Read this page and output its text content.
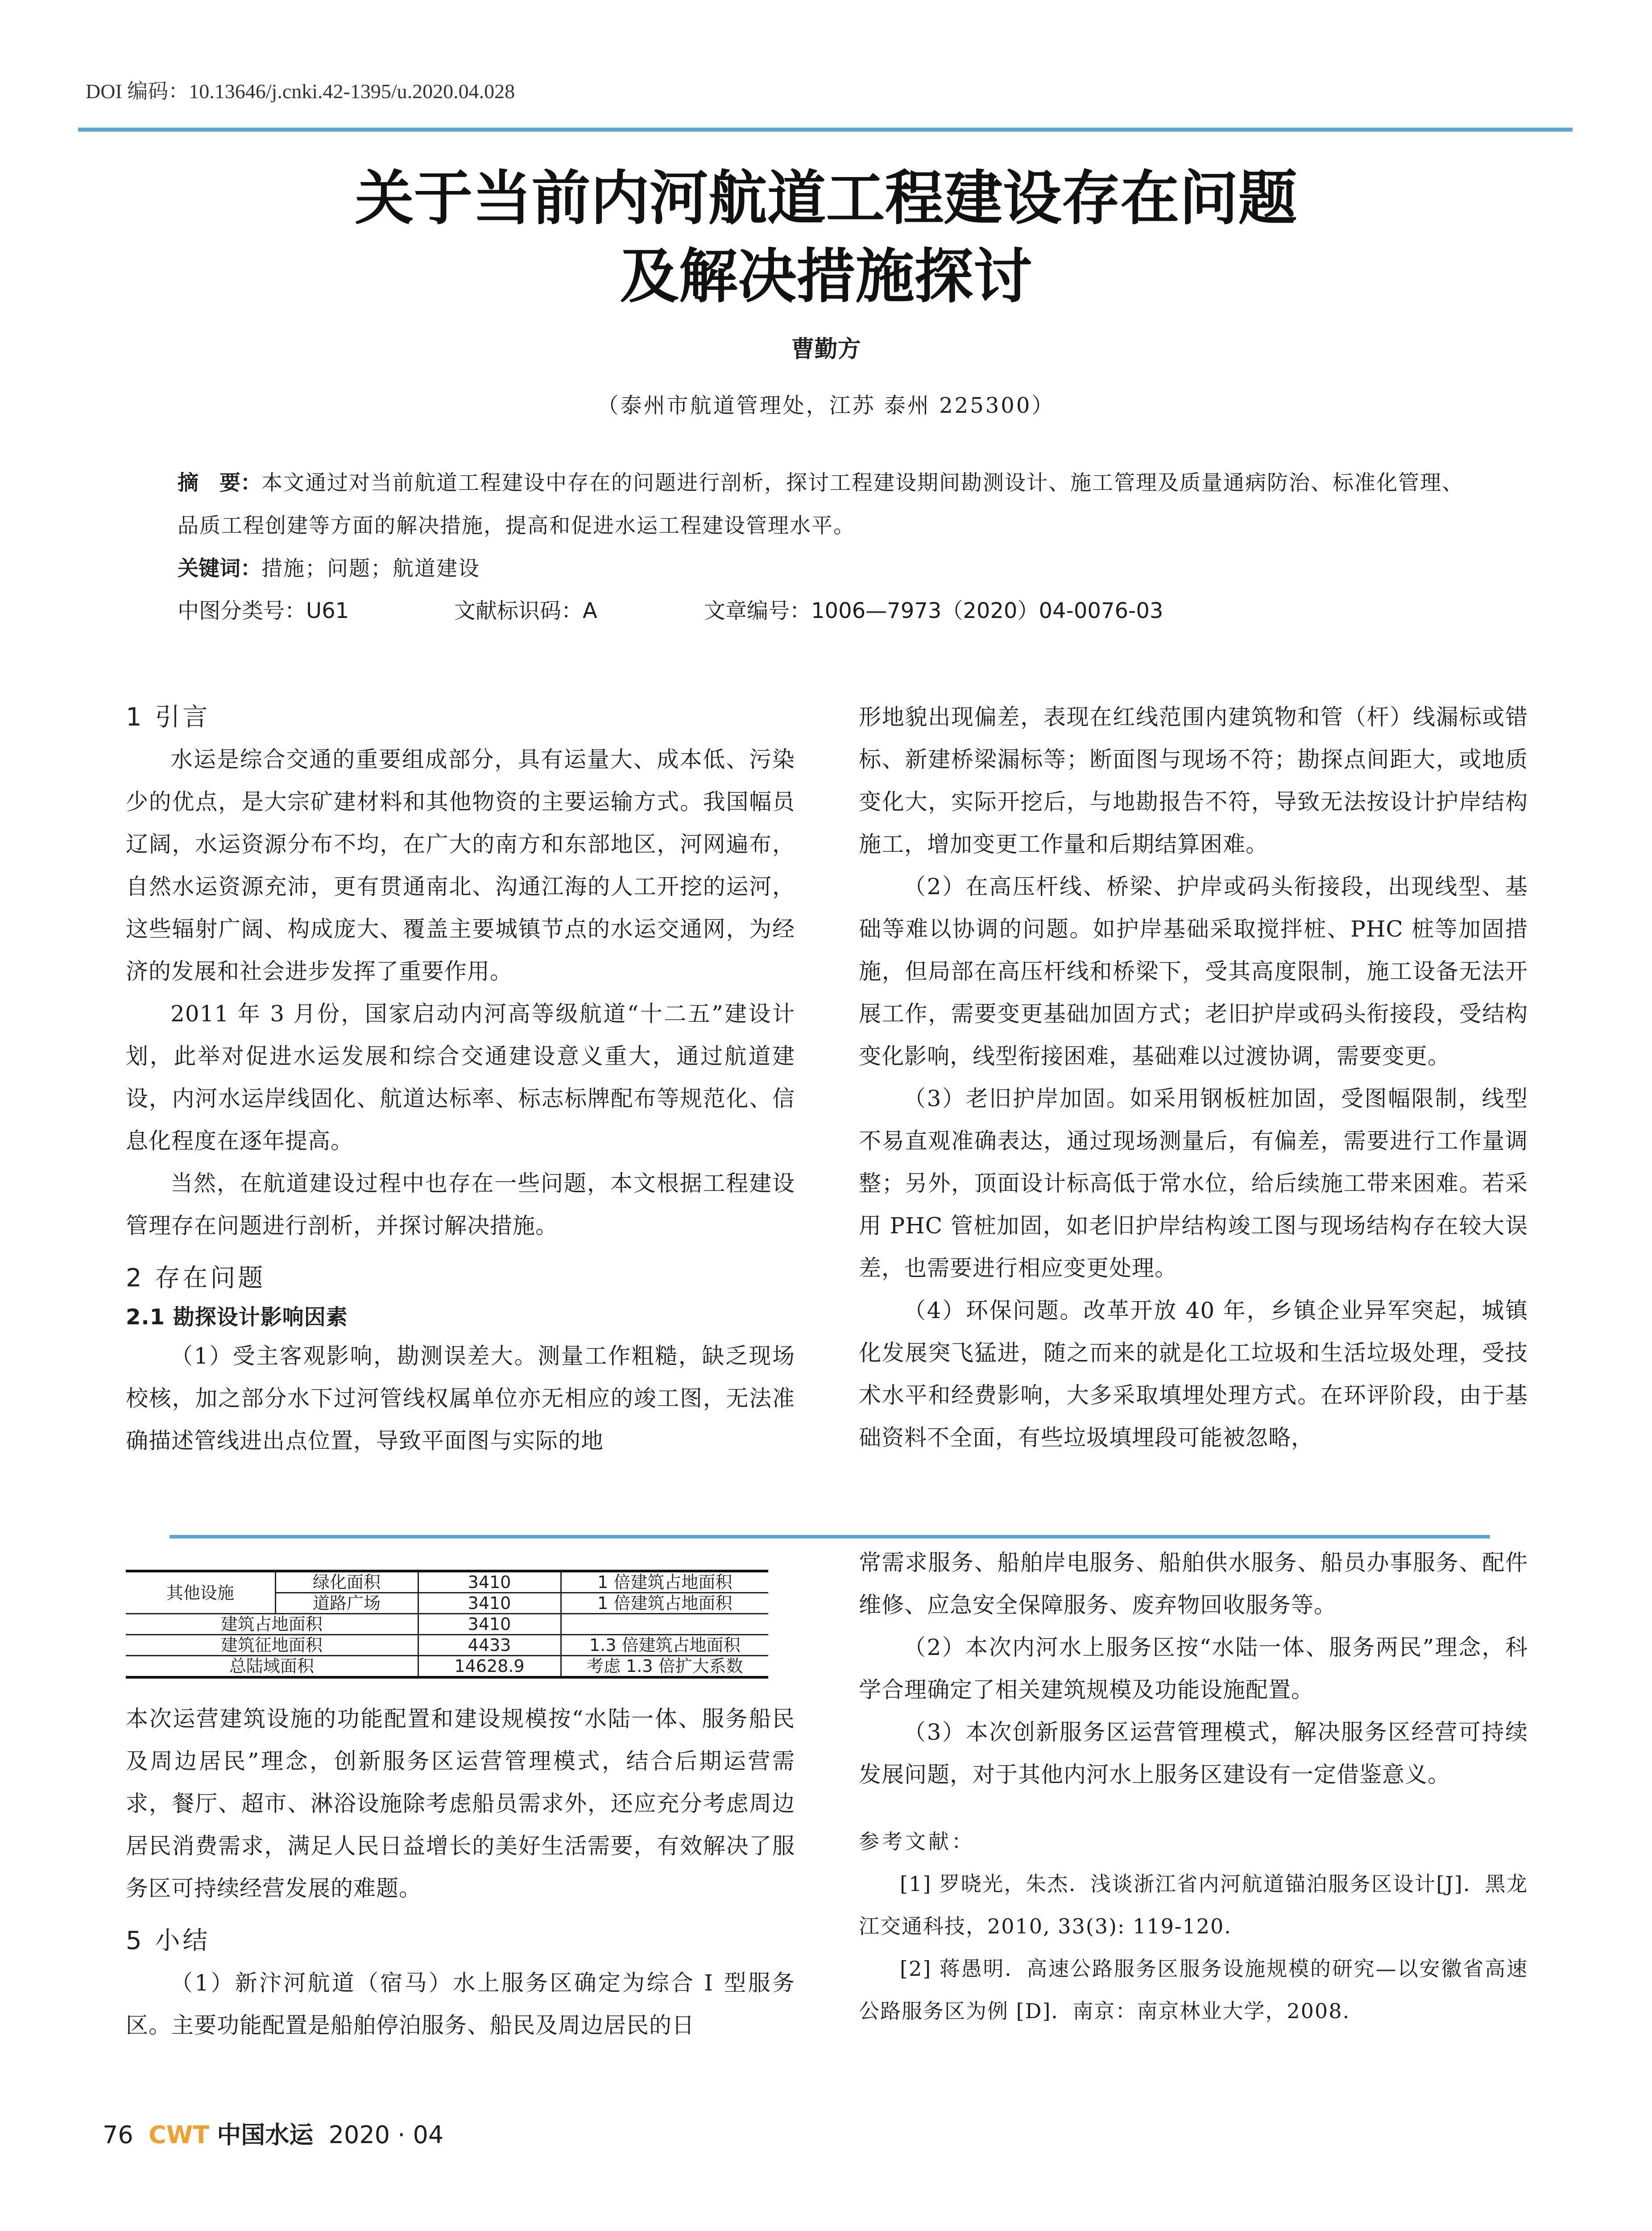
DOI 编码：10.13646/j.cnki.42-1395/u.2020.04.028
关于当前内河航道工程建设存在问题
及解决措施探讨
曹勤方
（泰州市航道管理处，江苏 泰州 225300）
摘　要：本文通过对当前航道工程建设中存在的问题进行剖析，探讨工程建设期间勘测设计、施工管理及质量通病防治、标准化管理、品质工程创建等方面的解决措施，提高和促进水运工程建设管理水平。
关键词：措施；问题；航道建设
中图分类号：U61	文献标识码：A	文章编号：1006—7973（2020）04-0076-03

1 引言

水运是综合交通的重要组成部分，具有运量大、成本低、污染少的优点，是大宗矿建材料和其他物资的主要运输方式。我国幅员辽阔，水运资源分布不均，在广大的南方和东部地区，河网遍布，自然水运资源充沛，更有贯通南北、沟通江海的人工开挖的运河，这些辐射广阔、构成庞大、覆盖主要城镇节点的水运交通网，为经济的发展和社会进步发挥了重要作用。

2011 年 3 月份，国家启动内河高等级航道“十二五”建设计划，此举对促进水运发展和综合交通建设意义重大，通过航道建设，内河水运岸线固化、航道达标率、标志标牌配布等规范化、信息化程度在逐年提高。

当然，在航道建设过程中也存在一些问题，本文根据工程建设管理存在问题进行剖析，并探讨解决措施。

2 存在问题

2.1 勘探设计影响因素

（1）受主客观影响，勘测误差大。测量工作粗糙，缺乏现场校核，加之部分水下过河管线权属单位亦无相应的竣工图，无法准确描述管线进出点位置，导致平面图与实际的地

形地貌出现偏差，表现在红线范围内建筑物和管（杆）线漏标或错标、新建桥梁漏标等；断面图与现场不符；勘探点间距大，或地质变化大，实际开挖后，与地勘报告不符，导致无法按设计护岸结构施工，增加变更工作量和后期结算困难。

（2）在高压杆线、桥梁、护岸或码头衔接段，出现线型、基础等难以协调的问题。如护岸基础采取搅拌桩、PHC 桩等加固措施，但局部在高压杆线和桥梁下，受其高度限制，施工设备无法开展工作，需要变更基础加固方式；老旧护岸或码头衔接段，受结构变化影响，线型衔接困难，基础难以过渡协调，需要变更。

（3）老旧护岸加固。如采用钢板桩加固，受图幅限制，线型不易直观准确表达，通过现场测量后，有偏差，需要进行工作量调整；另外，顶面设计标高低于常水位，给后续施工带来困难。若采用 PHC 管桩加固，如老旧护岸结构竣工图与现场结构存在较大误差，也需要进行相应变更处理。

（4）环保问题。改革开放 40 年，乡镇企业异军突起，城镇化发展突飞猛进，随之而来的就是化工垃圾和生活垃圾处理，受技术水平和经费影响，大多采取填埋处理方式。在环评阶段，由于基础资料不全面，有些垃圾填埋段可能被忽略，

其他设施	绿化面积	3410	1 倍建筑占地面积
	道路广场	3410	1 倍建筑占地面积
建筑占地面积		3410	
建筑征地面积		4433	1.3 倍建筑占地面积
总陆域面积		14628.9	考虑 1.3 倍扩大系数

本次运营建筑设施的功能配置和建设规模按“水陆一体、服务船民及周边居民”理念，创新服务区运营管理模式，结合后期运营需求，餐厅、超市、淋浴设施除考虑船员需求外，还应充分考虑周边居民消费需求，满足人民日益增长的美好生活需要，有效解决了服务区可持续经营发展的难题。

5 小结

（1）新汴河航道（宿马）水上服务区确定为综合 Ⅰ 型服务区。主要功能配置是船舶停泊服务、船民及周边居民的日

常需求服务、船舶岸电服务、船舶供水服务、船员办事服务、配件维修、应急安全保障服务、废弃物回收服务等。

（2）本次内河水上服务区按“水陆一体、服务两民”理念，科学合理确定了相关建筑规模及功能设施配置。

（3）本次创新服务区运营管理模式，解决服务区经营可持续发展问题，对于其他内河水上服务区建设有一定借鉴意义。

参考文献：

[1] 罗晓光，朱杰．浅谈浙江省内河航道锚泊服务区设计[J]．黑龙江交通科技，2010, 33(3): 119-120.

[2] 蒋愚明．高速公路服务区服务设施规模的研究—以安徽省高速公路服务区为例 [D]．南京：南京林业大学，2008.

76 CWT 中国水运 2020 · 04
